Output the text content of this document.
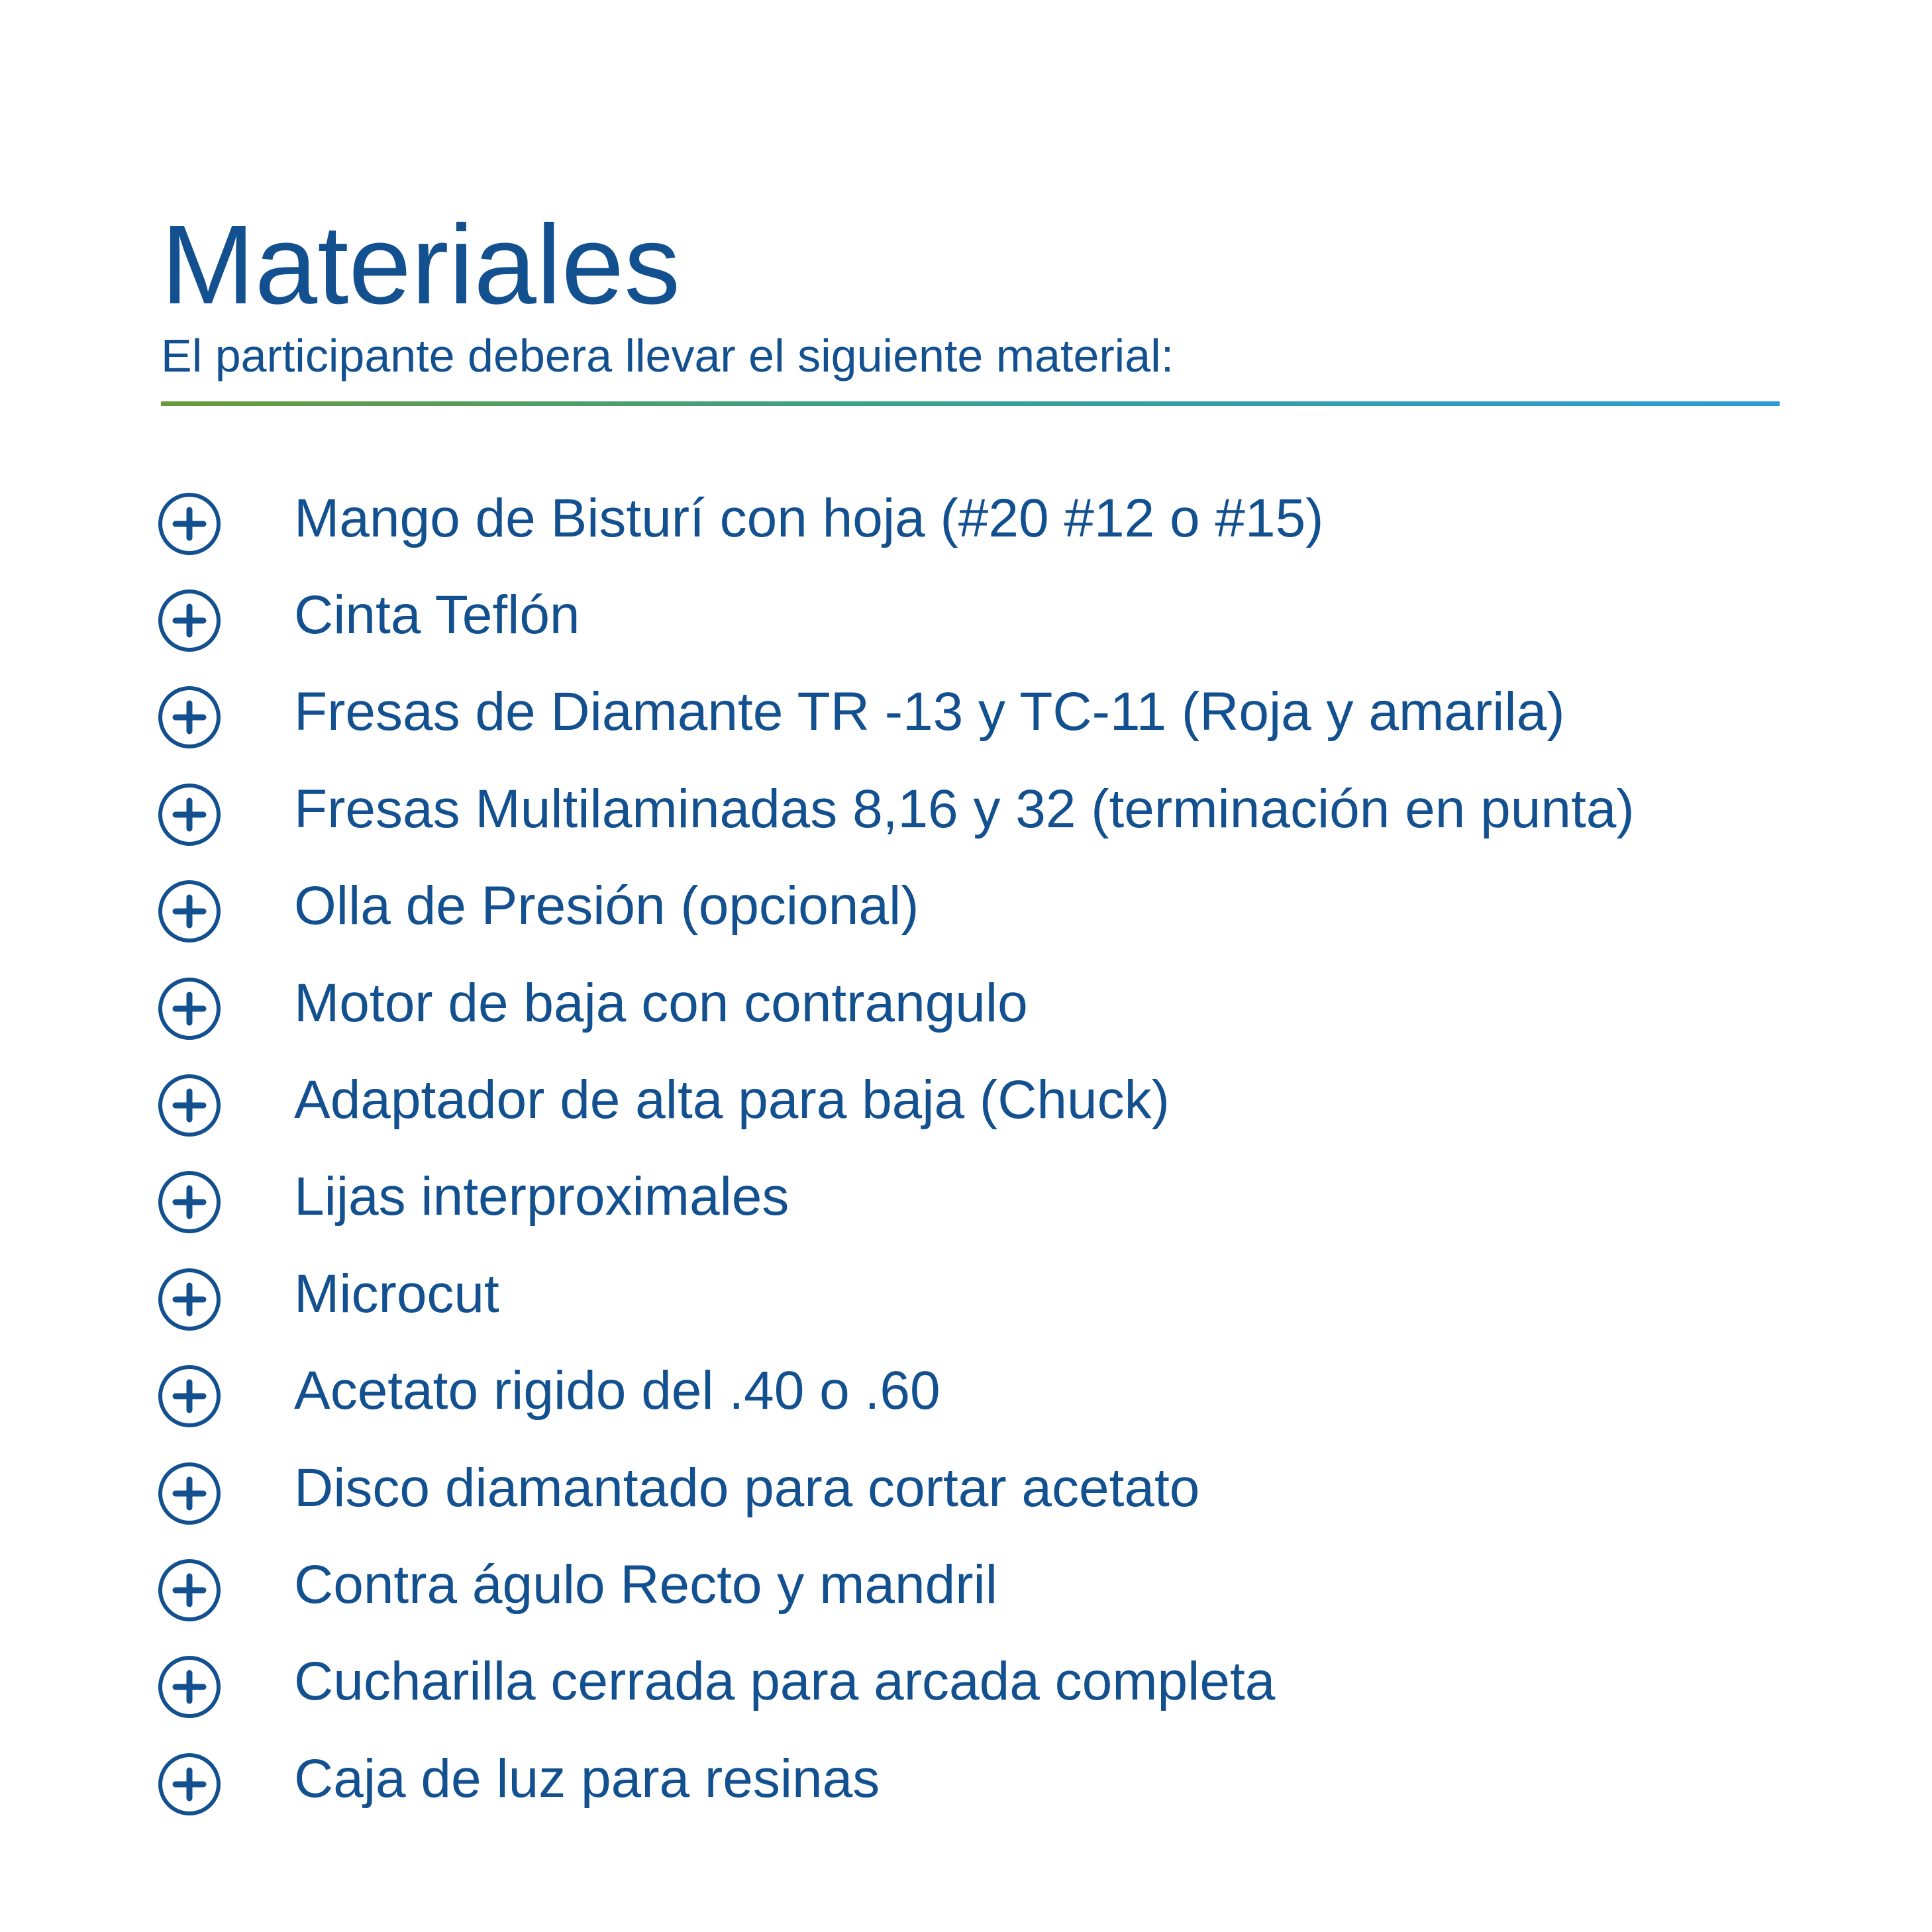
Materiales

El participante debera llevar el siguiente material:

Mango de Bisturí con hoja (#20 #12 o #15)
Cinta Teflón
Fresas de Diamante TR -13 y TC-11 (Roja y amarila)
Fresas Multilaminadas 8,16 y 32 (terminación en punta)
Olla de Presión (opcional)
Motor de baja con contrangulo
Adaptador de alta para baja (Chuck)
Lijas interproximales
Microcut
Acetato rigido del .40 o .60
Disco diamantado para cortar acetato
Contra águlo Recto y mandril
Cucharilla cerrada para arcada completa
Caja de luz para resinas
